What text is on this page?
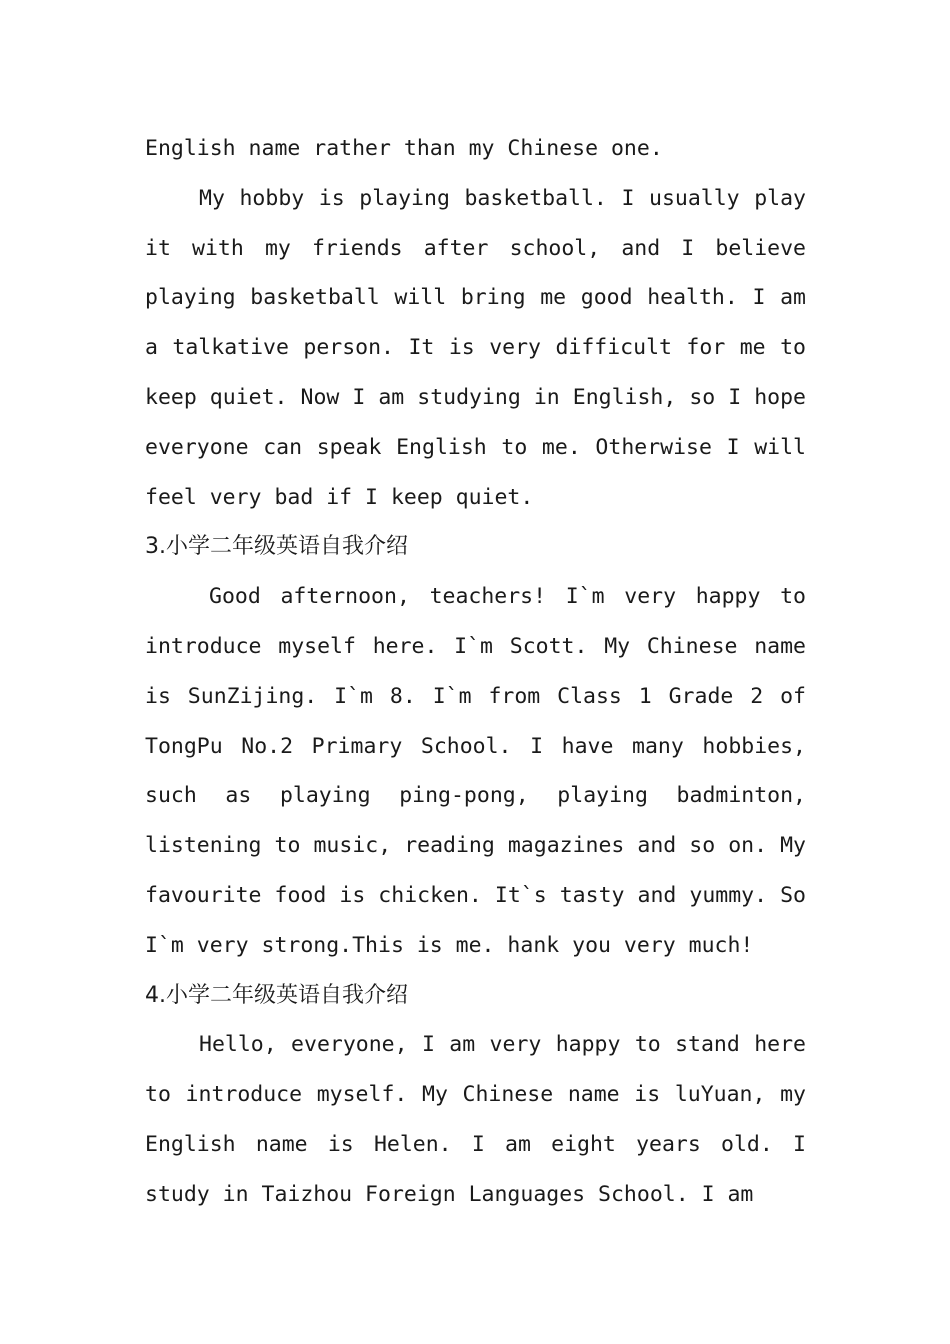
English name rather than my Chinese one.

My hobby is playing basketball. I usually play it with my friends after school, and I believe playing basketball will bring me good health. I am a talkative person. It is very difficult for me to keep quiet. Now I am studying in English, so I hope everyone can speak English to me. Otherwise I will feel very bad if I keep quiet.

3.小学二年级英语自我介绍

Good afternoon, teachers! I`m very happy to introduce myself here. I`m Scott. My Chinese name is SunZijing. I`m 8. I`m from Class 1 Grade 2 of TongPu No.2 Primary School. I have many hobbies, such as playing ping-pong, playing badminton, listening to music, reading magazines and so on. My favourite food is chicken. It`s tasty and yummy. So I`m very strong.This is me. hank you very much!

4.小学二年级英语自我介绍

Hello, everyone, I am very happy to stand here to introduce myself. My Chinese name is luYuan, my English name is Helen. I am eight years old. I study in Taizhou Foreign Languages School. I am
